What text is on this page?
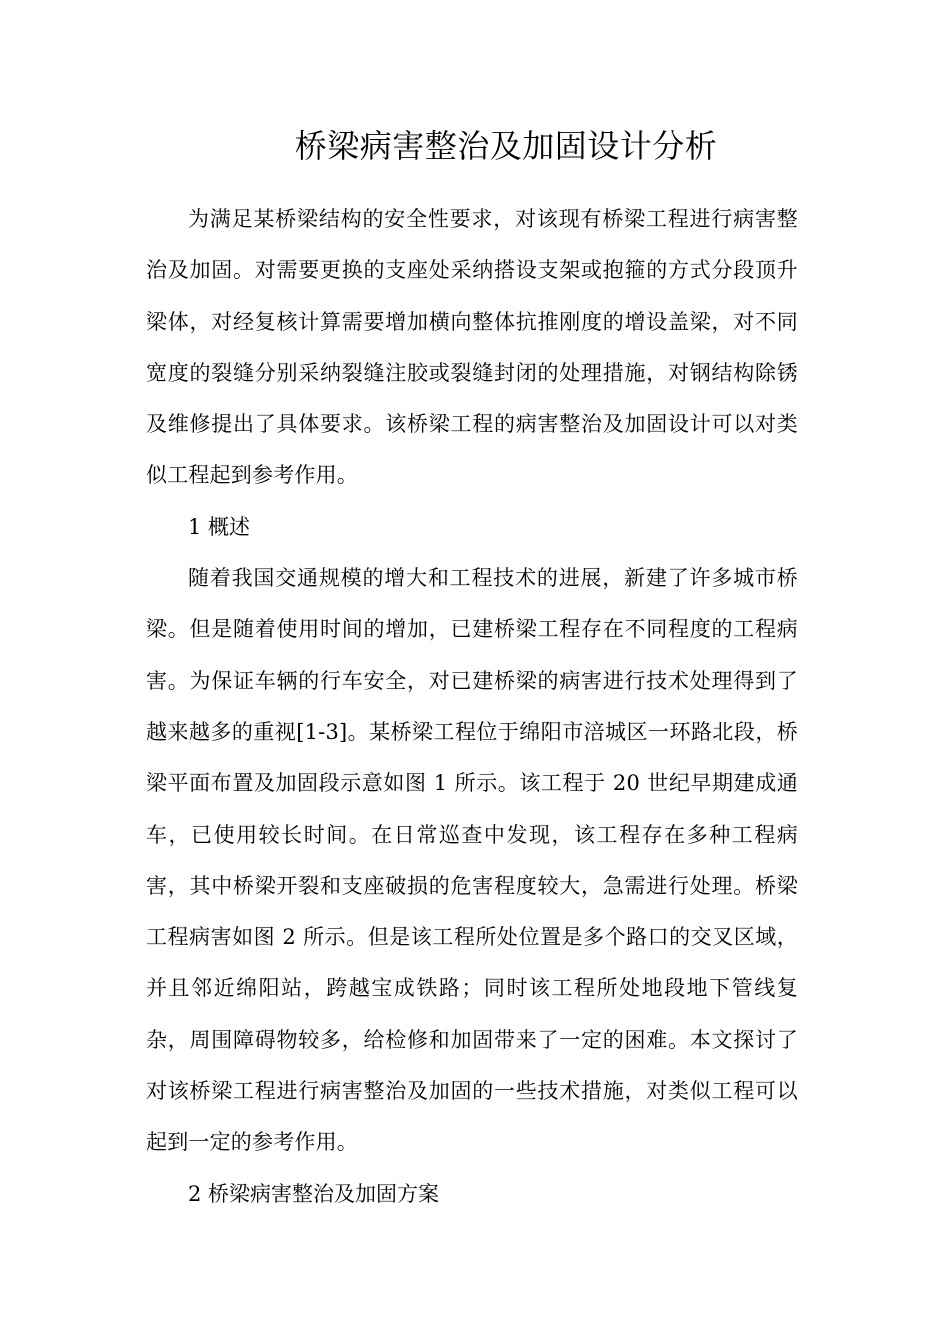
桥梁病害整治及加固设计分析

为满足某桥梁结构的安全性要求，对该现有桥梁工程进行病害整治及加固。对需要更换的支座处采纳搭设支架或抱箍的方式分段顶升梁体，对经复核计算需要增加横向整体抗推刚度的增设盖梁，对不同宽度的裂缝分别采纳裂缝注胶或裂缝封闭的处理措施，对钢结构除锈及维修提出了具体要求。该桥梁工程的病害整治及加固设计可以对类似工程起到参考作用。

1 概述

随着我国交通规模的增大和工程技术的进展，新建了许多城市桥梁。但是随着使用时间的增加，已建桥梁工程存在不同程度的工程病害。为保证车辆的行车安全，对已建桥梁的病害进行技术处理得到了越来越多的重视[1-3]。某桥梁工程位于绵阳市涪城区一环路北段，桥梁平面布置及加固段示意如图 1 所示。该工程于 20 世纪早期建成通车，已使用较长时间。在日常巡查中发现，该工程存在多种工程病害，其中桥梁开裂和支座破损的危害程度较大，急需进行处理。桥梁工程病害如图 2 所示。但是该工程所处位置是多个路口的交叉区域，并且邻近绵阳站，跨越宝成铁路；同时该工程所处地段地下管线复杂，周围障碍物较多，给检修和加固带来了一定的困难。本文探讨了对该桥梁工程进行病害整治及加固的一些技术措施，对类似工程可以起到一定的参考作用。

2 桥梁病害整治及加固方案
